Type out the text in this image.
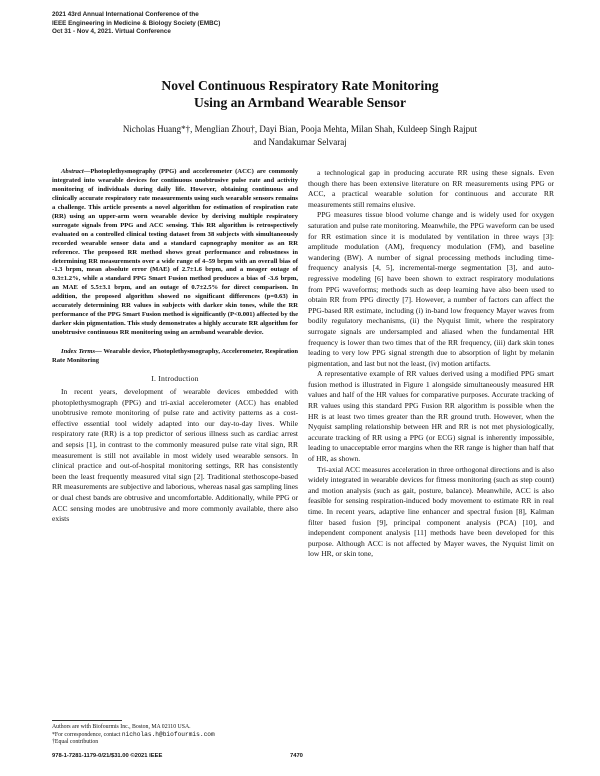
2021 43rd Annual International Conference of the
IEEE Engineering in Medicine & Biology Society (EMBC)
Oct 31 - Nov 4, 2021. Virtual Conference
Novel Continuous Respiratory Rate Monitoring
Using an Armband Wearable Sensor
Nicholas Huang*†, Menglian Zhou†, Dayi Bian, Pooja Mehta, Milan Shah, Kuldeep Singh Rajput
and Nandakumar Selvaraj

Abstract—Photoplethysmography (PPG) and accelerometer (ACC) are commonly integrated into wearable devices for continuous unobtrusive pulse rate and activity monitoring of individuals during daily life. However, obtaining continuous and clinically accurate respiratory rate measurements using such wearable sensors remains a challenge. This article presents a novel algorithm for estimation of respiration rate (RR) using an upper-arm worn wearable device by deriving multiple respiratory surrogate signals from PPG and ACC sensing. This RR algorithm is retrospectively evaluated on a controlled clinical testing dataset from 38 subjects with simultaneously recorded wearable sensor data and a standard capnography monitor as an RR reference. The proposed RR method shows great performance and robustness in determining RR measurements over a wide range of 4–59 brpm with an overall bias of -1.3 brpm, mean absolute error (MAE) of 2.7±1.6 brpm, and a meager outage of 0.3±1.2%, while a standard PPG Smart Fusion method produces a bias of -3.6 brpm, an MAE of 5.5±3.1 brpm, and an outage of 0.7±2.5% for direct comparison. In addition, the proposed algorithm showed no significant differences (p=0.63) in accurately determining RR values in subjects with darker skin tones, while the RR performance of the PPG Smart Fusion method is significantly (P<0.001) affected by the darker skin pigmentation. This study demonstrates a highly accurate RR algorithm for unobtrusive continuous RR monitoring using an armband wearable device.

Index Terms— Wearable device, Photoplethysmography, Accelerometer, Respiration Rate Monitoring

I. Introduction

In recent years, development of wearable devices embedded with photoplethysmograph (PPG) and tri-axial accelerometer (ACC) has enabled unobtrusive remote monitoring of pulse rate and activity patterns as a cost-effective essential tool widely adapted into our day-to-day lives. While respiratory rate (RR) is a top predictor of serious illness such as cardiac arrest and sepsis [1], in contrast to the commonly measured pulse rate vital sign, RR measurement is still not available in most widely used wearable sensors. In clinical practice and out-of-hospital monitoring settings, RR has consistently been the least frequently measured vital sign [2]. Traditional stethoscope-based RR measurements are subjective and laborious, whereas nasal gas sampling lines or dual chest bands are obtrusive and uncomfortable. Additionally, while PPG or ACC sensing modes are unobtrusive and more commonly available, there also exists

Authors are with Biofourmis Inc., Boston, MA 02110 USA.
*For correspondence, contact nicholas.h@biofourmis.com
†Equal contribution

a technological gap in producing accurate RR using these signals. Even though there has been extensive literature on RR measurements using PPG or ACC, a practical wearable solution for continuous and accurate RR measurements still remains elusive.

PPG measures tissue blood volume change and is widely used for oxygen saturation and pulse rate monitoring. Meanwhile, the PPG waveform can be used for RR estimation since it is modulated by ventilation in three ways [3]: amplitude modulation (AM), frequency modulation (FM), and baseline wandering (BW). A number of signal processing methods including time-frequency analysis [4, 5], incremental-merge segmentation [3], and auto-regressive modeling [6] have been shown to extract respiratory modulations from PPG waveforms; methods such as deep learning have also been used to obtain RR from PPG directly [7]. However, a number of factors can affect the PPG-based RR estimate, including (i) in-band low frequency Mayer waves from bodily regulatory mechanisms, (ii) the Nyquist limit, where the respiratory surrogate signals are undersampled and aliased when the fundamental HR frequency is lower than two times that of the RR frequency, (iii) dark skin tones leading to very low PPG signal strength due to absorption of light by melanin pigmentation, and last but not the least, (iv) motion artifacts.

A representative example of RR values derived using a modified PPG smart fusion method is illustrated in Figure 1 alongside simultaneously measured HR values and half of the HR values for comparative purposes. Accurate tracking of RR values using this standard PPG Fusion RR algorithm is possible when the HR is at least two times greater than the RR ground truth. However, when the Nyquist sampling relationship between HR and RR is not met physiologically, accurate tracking of RR using a PPG (or ECG) signal is inherently impossible, leading to unacceptable error margins when the RR range is higher than half that of HR, as shown.

Tri-axial ACC measures acceleration in three orthogonal directions and is also widely integrated in wearable devices for fitness monitoring (such as step count) and motion analysis (such as gait, posture, balance). Meanwhile, ACC is also feasible for sensing respiration-induced body movement to estimate RR in real time. In recent years, adaptive line enhancer and spectral fusion [8], Kalman filter based fusion [9], principal component analysis (PCA) [10], and independent component analysis [11] methods have been developed for this purpose. Although ACC is not affected by Mayer waves, the Nyquist limit on low HR, or skin tone,

978-1-7281-1179-0/21/$31.00 ©2021 IEEE	7470
